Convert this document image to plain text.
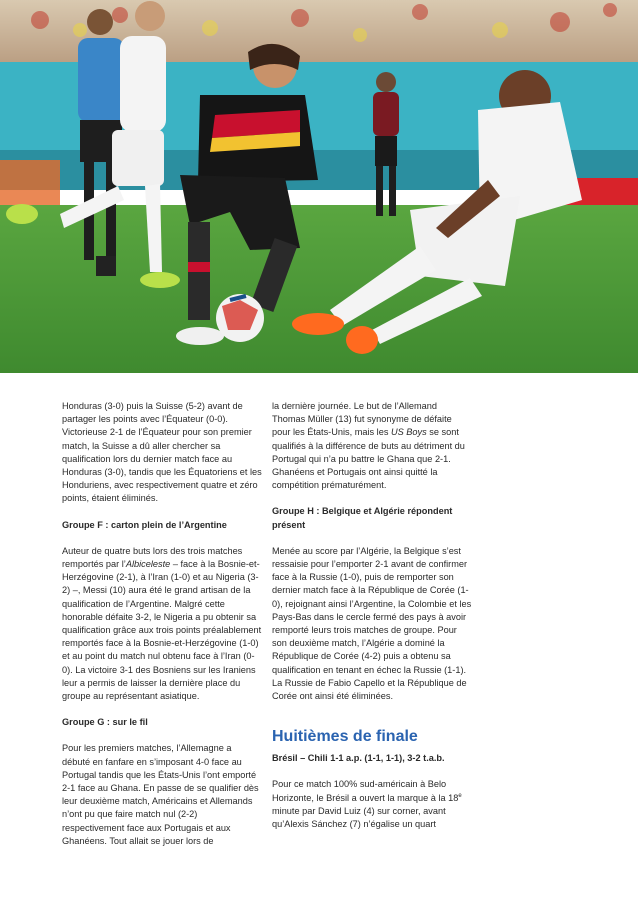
Honduras (3-0) puis la Suisse (5-2) avant de partager les points avec l’Équateur (0-0). Victorieuse 2-1 de l’Équateur pour son premier match, la Suisse a dû aller chercher sa qualification lors du dernier match face au Honduras (3-0), tandis que les Équatoriens et les Honduriens, avec respectivement quatre et zéro points, étaient éliminés.

Groupe F : carton plein de l’Argentine

Auteur de quatre buts lors des trois matches remportés par l’Albiceleste – face à la Bosnie-et-Herzégovine (2-1), à l’Iran (1-0) et au Nigeria (3-2) –, Messi (10) aura été le grand artisan de la qualification de l’Argentine. Malgré cette honorable défaite 3-2, le Nigeria a pu obtenir sa qualification grâce aux trois points préalablement remportés face à la Bosnie-et-Herzégovine (1-0) et au point du match nul obtenu face à l’Iran (0-0). La victoire 3-1 des Bosniens sur les Iraniens leur a permis de laisser la dernière place du groupe au représentant asiatique.

Groupe G : sur le fil

Pour les premiers matches, l’Allemagne a débuté en fanfare en s’imposant 4-0 face au Portugal tandis que les États-Unis l’ont emporté 2-1 face au Ghana. En passe de se qualifier dès leur deuxième match, Américains et Allemands n’ont pu que faire match nul (2-2) respectivement face aux Portugais et aux Ghanéens. Tout allait se jouer lors de

la dernière journée. Le but de l’Allemand Thomas Müller (13) fut synonyme de défaite pour les États-Unis, mais les US Boys se sont qualifiés à la différence de buts au détriment du Portugal qui n’a pu battre le Ghana que 2-1. Ghanéens et Portugais ont ainsi quitté la compétition prématurément.

Groupe H : Belgique et Algérie répondent présent

Menée au score par l’Algérie, la Belgique s’est ressaisie pour l’emporter 2-1 avant de confirmer face à la Russie (1-0), puis de remporter son dernier match face à la République de Corée (1-0), rejoignant ainsi l’Argentine, la Colombie et les Pays-Bas dans le cercle fermé des pays à avoir remporté leurs trois matches de groupe. Pour son deuxième match, l’Algérie a dominé la République de Corée (4-2) puis a obtenu sa qualification en tenant en échec la Russie (1-1). La Russie de Fabio Capello et la République de Corée ont ainsi été éliminées.

Huitièmes de finale

Brésil – Chili 1-1 a.p. (1-1, 1-1), 3-2 t.a.b.

Pour ce match 100% sud-américain à Belo Horizonte, le Brésil a ouvert la marque à la 18e minute par David Luiz (4) sur corner, avant qu’Alexis Sánchez (7) n’égalise un quart
